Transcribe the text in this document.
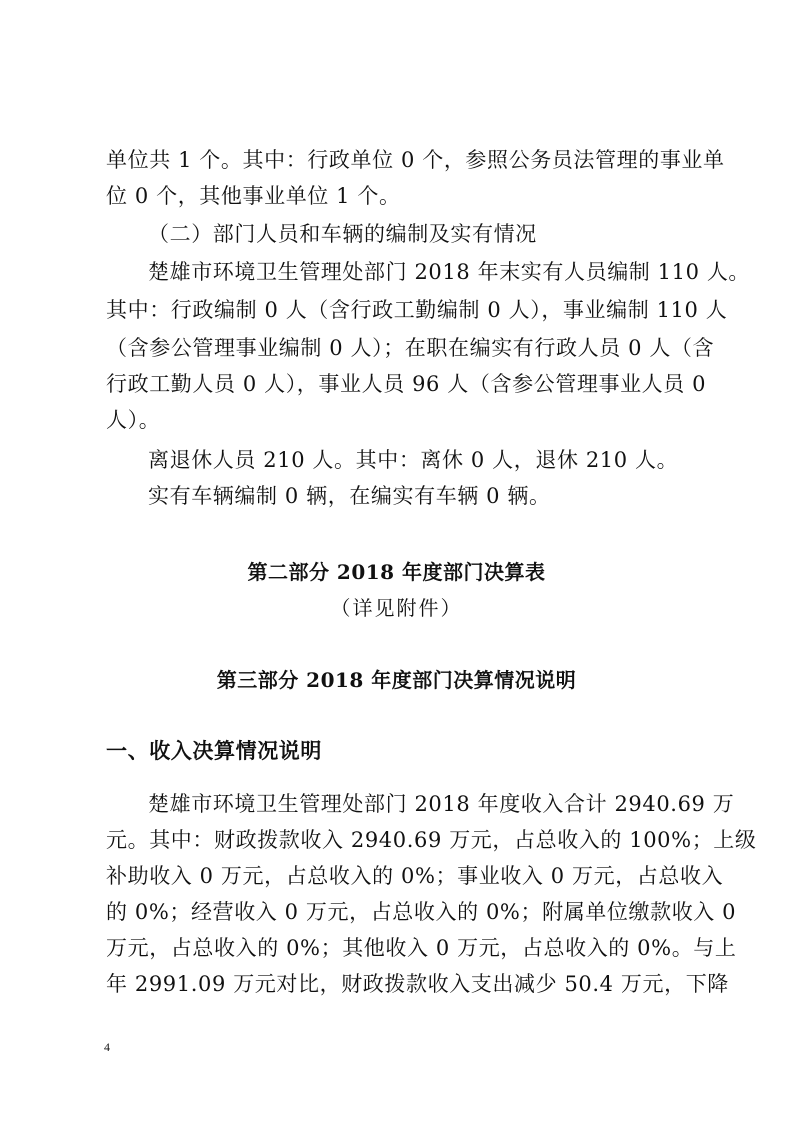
单位共 1 个。其中：行政单位 0 个，参照公务员法管理的事业单
位 0 个，其他事业单位 1 个。
（二）部门人员和车辆的编制及实有情况
楚雄市环境卫生管理处部门 2018 年末实有人员编制 110 人。
其中：行政编制 0 人（含行政工勤编制 0 人），事业编制 110 人
（含参公管理事业编制 0 人）；在职在编实有行政人员 0 人（含
行政工勤人员 0 人），事业人员 96 人（含参公管理事业人员 0
人）。
离退休人员 210 人。其中：离休 0 人，退休 210 人。
实有车辆编制 0 辆，在编实有车辆 0 辆。
第二部分 2018 年度部门决算表
（详见附件）
第三部分 2018 年度部门决算情况说明
一、收入决算情况说明
楚雄市环境卫生管理处部门 2018 年度收入合计 2940.69 万
元。其中：财政拨款收入 2940.69 万元，占总收入的 100%；上级
补助收入 0 万元，占总收入的 0%；事业收入 0 万元，占总收入
的 0%；经营收入 0 万元，占总收入的 0%；附属单位缴款收入 0
万元，占总收入的 0%；其他收入 0 万元，占总收入的 0%。与上
年 2991.09 万元对比，财政拨款收入支出减少 50.4 万元，下降
4
